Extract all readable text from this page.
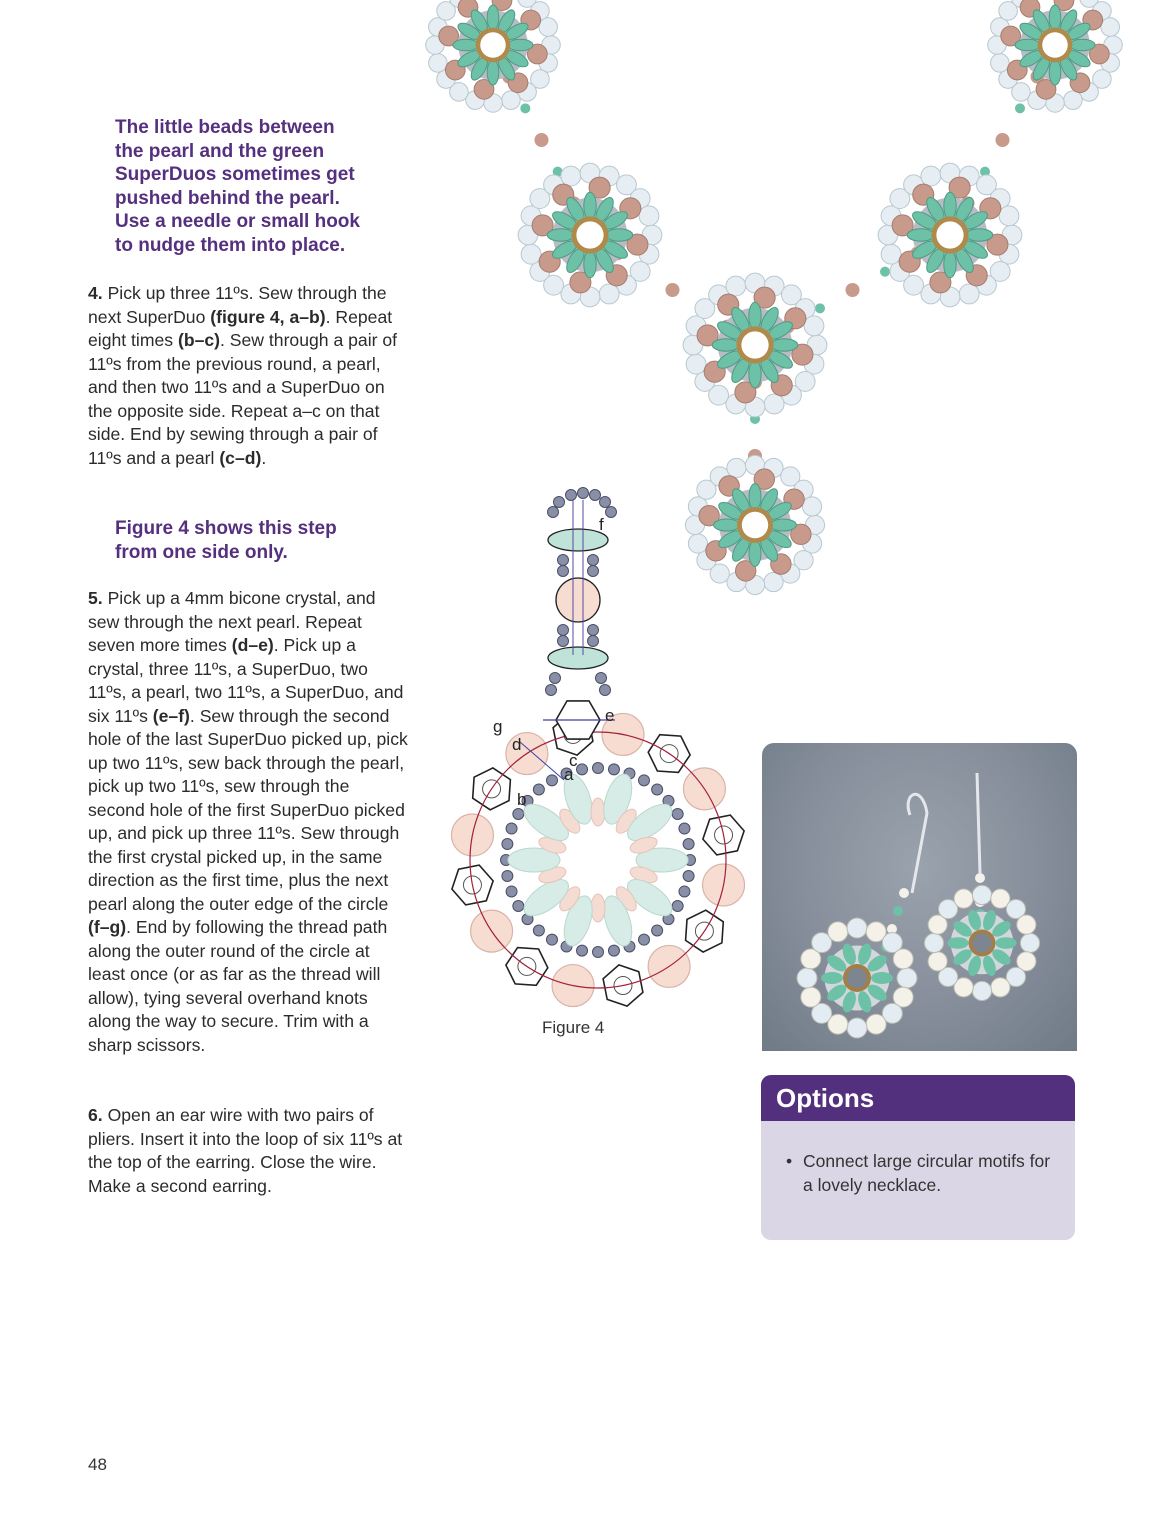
The little beads between
the pearl and the green
SuperDuos sometimes get
pushed behind the pearl.
Use a needle or small hook
to nudge them into place.
4. Pick up three 11ºs. Sew through the next SuperDuo (figure 4, a–b). Repeat eight times (b–c). Sew through a pair of 11ºs from the previous round, a pearl, and then two 11ºs and a SuperDuo on the opposite side. Repeat a–c on that side. End by sewing through a pair of 11ºs and a pearl (c–d).
Figure 4 shows this step
from one side only.
5. Pick up a 4mm bicone crystal, and sew through the next pearl. Repeat seven more times (d–e). Pick up a crystal, three 11ºs, a SuperDuo, two 11ºs, a pearl, two 11ºs, a SuperDuo, and six 11ºs (e–f). Sew through the second hole of the last SuperDuo picked up, pick up two 11ºs, sew back through the pearl, pick up two 11ºs, sew through the second hole of the first SuperDuo picked up, and pick up three 11ºs. Sew through the first crystal picked up, in the same direction as the first time, plus the next pearl along the outer edge of the circle (f–g). End by following the thread path along the outer round of the circle at least once (or as far as the thread will allow), tying several overhand knots along the way to secure. Trim with a sharp scissors.
6. Open an ear wire with two pairs of pliers. Insert it into the loop of six 11ºs at the top of the earring. Close the wire. Make a second earring.
f
e
g
d
c
a
b
Figure 4
Options
• Connect large circular motifs for a lovely necklace.
48
